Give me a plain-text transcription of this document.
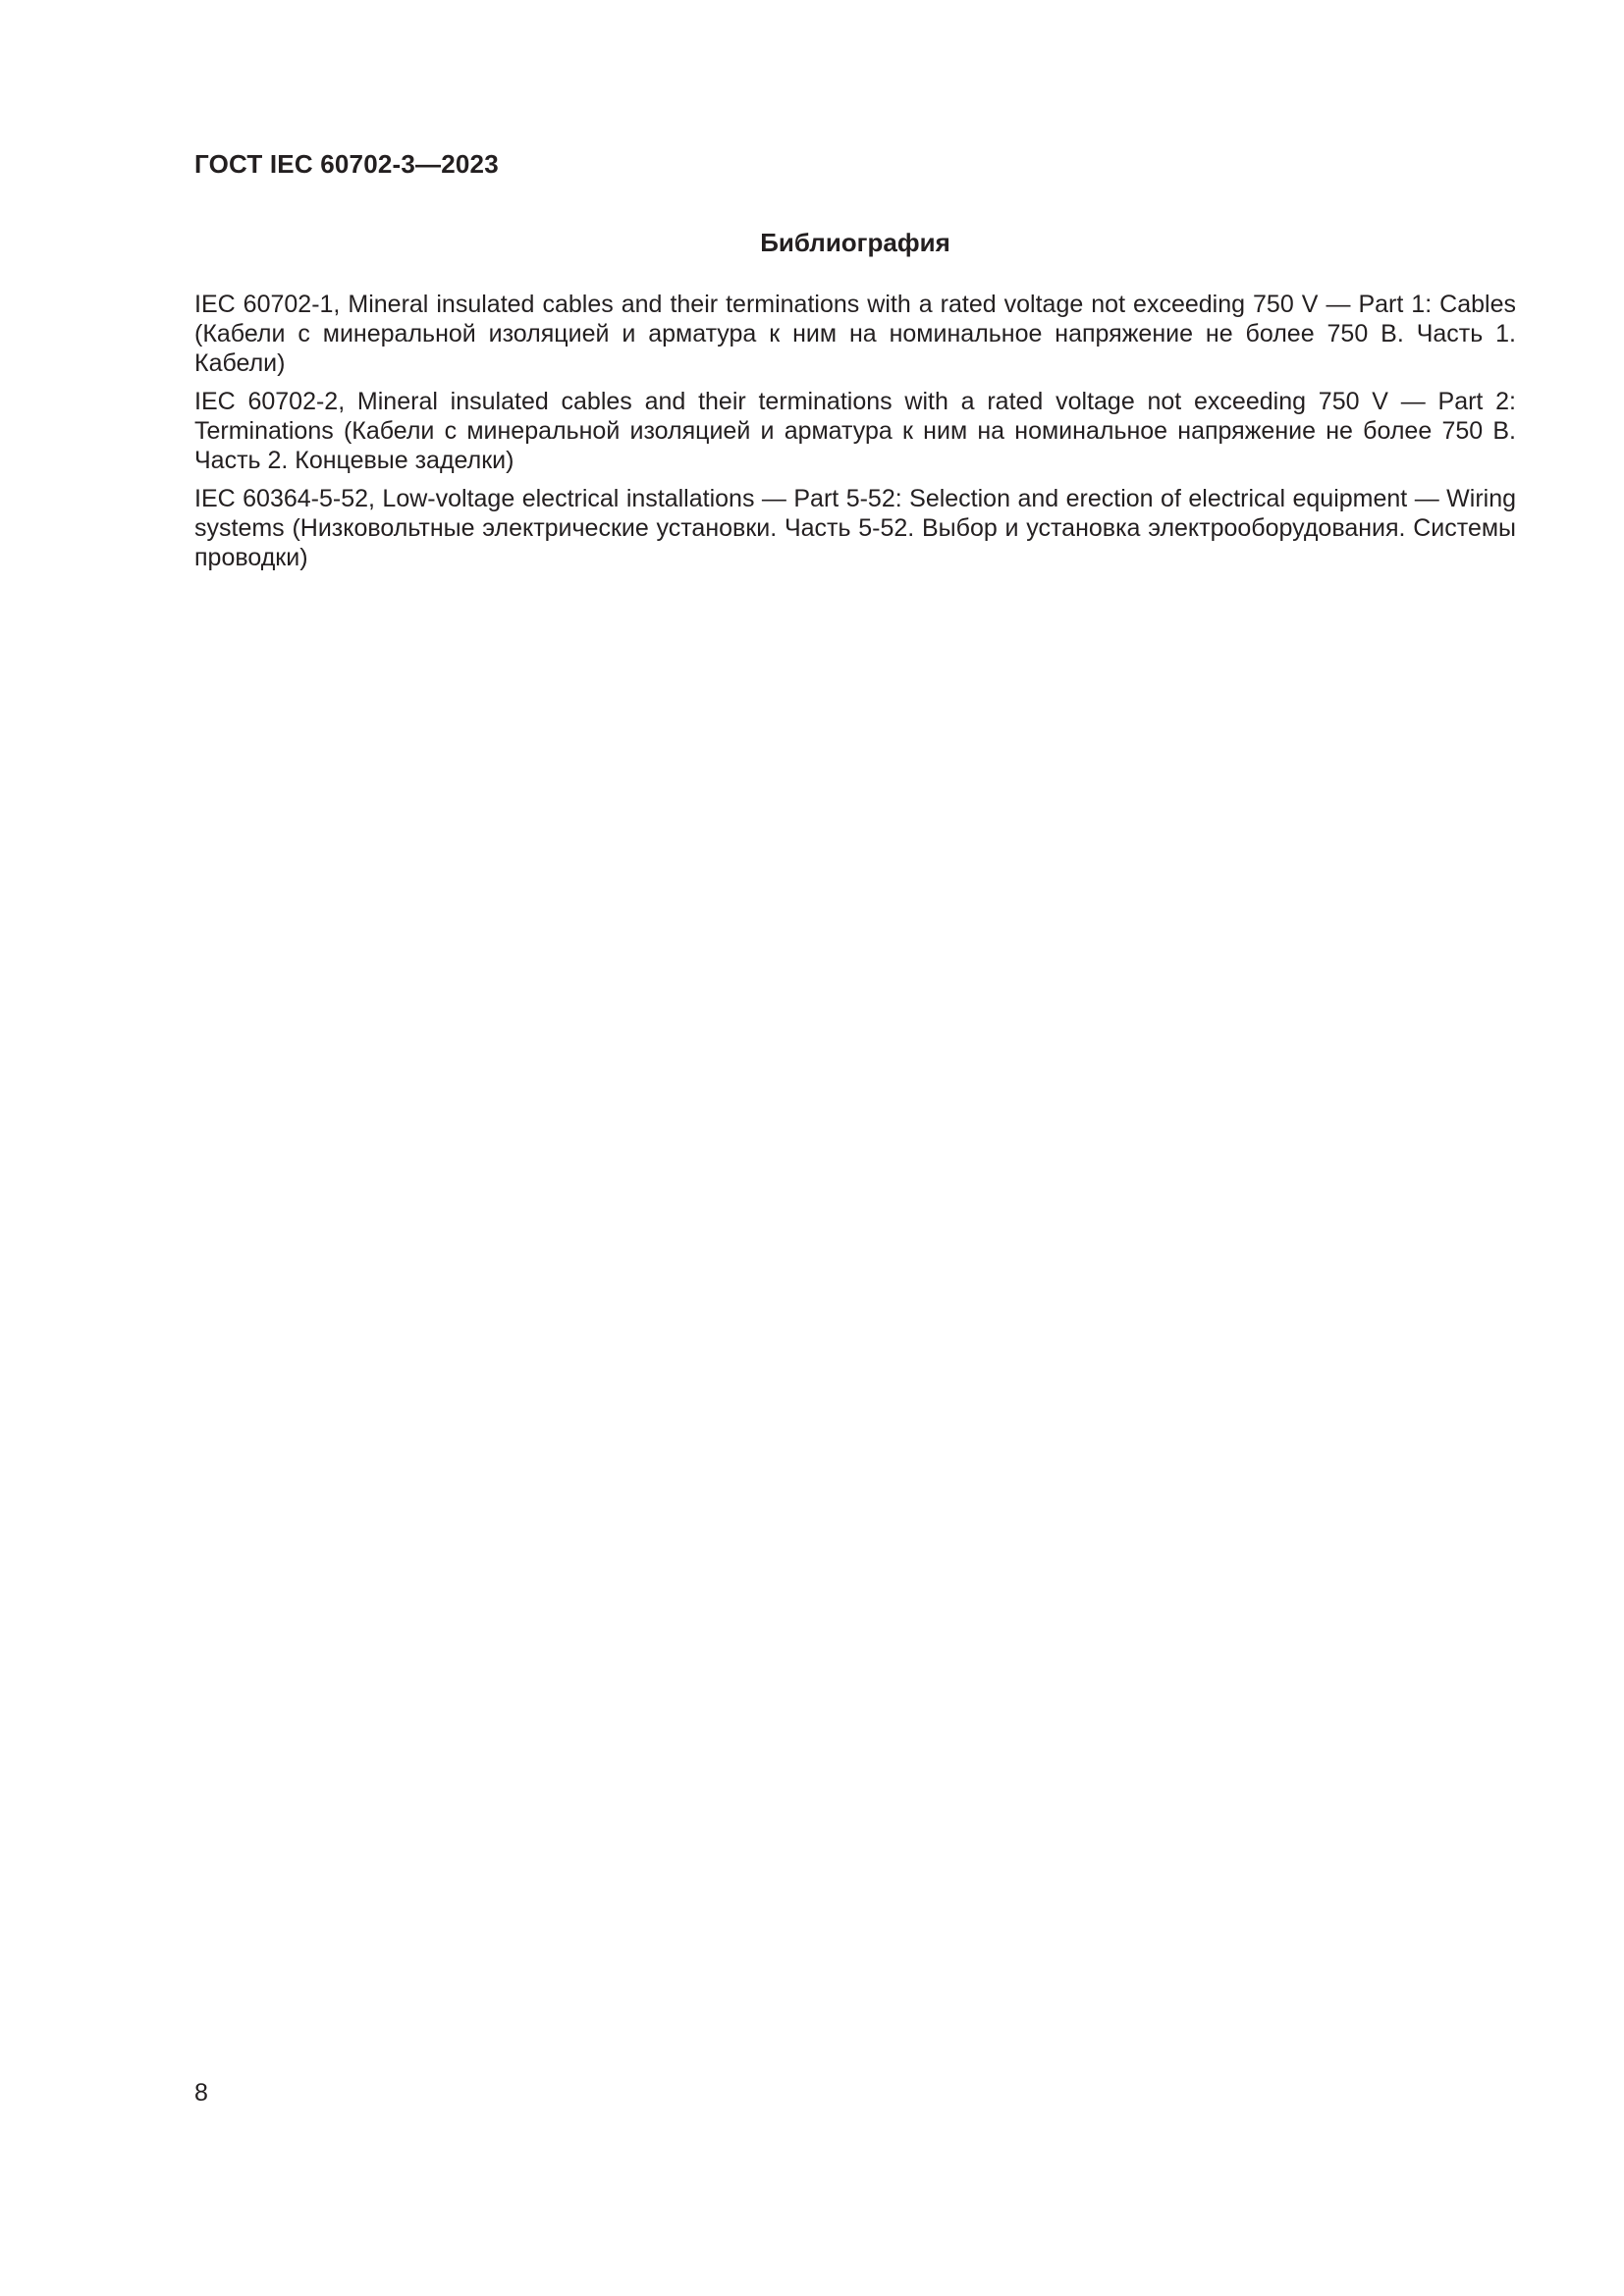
ГОСТ IEC 60702-3—2023

Библиография
IEC 60702-1, Mineral insulated cables and their terminations with a rated voltage not exceeding 750 V — Part 1: Cables (Кабели с минеральной изоляцией и арматура к ним на номинальное напряжение не более 750 В. Часть 1. Кабели)
IEC 60702-2, Mineral insulated cables and their terminations with a rated voltage not exceeding 750 V — Part 2: Terminations (Кабели с минеральной изоляцией и арматура к ним на номинальное напряжение не более 750 В. Часть 2. Концевые заделки)
IEC 60364-5-52, Low-voltage electrical installations — Part 5-52: Selection and erection of electrical equipment — Wiring systems (Низковольтные электрические установки. Часть 5-52. Выбор и установка электрооборудования. Системы проводки)

8
